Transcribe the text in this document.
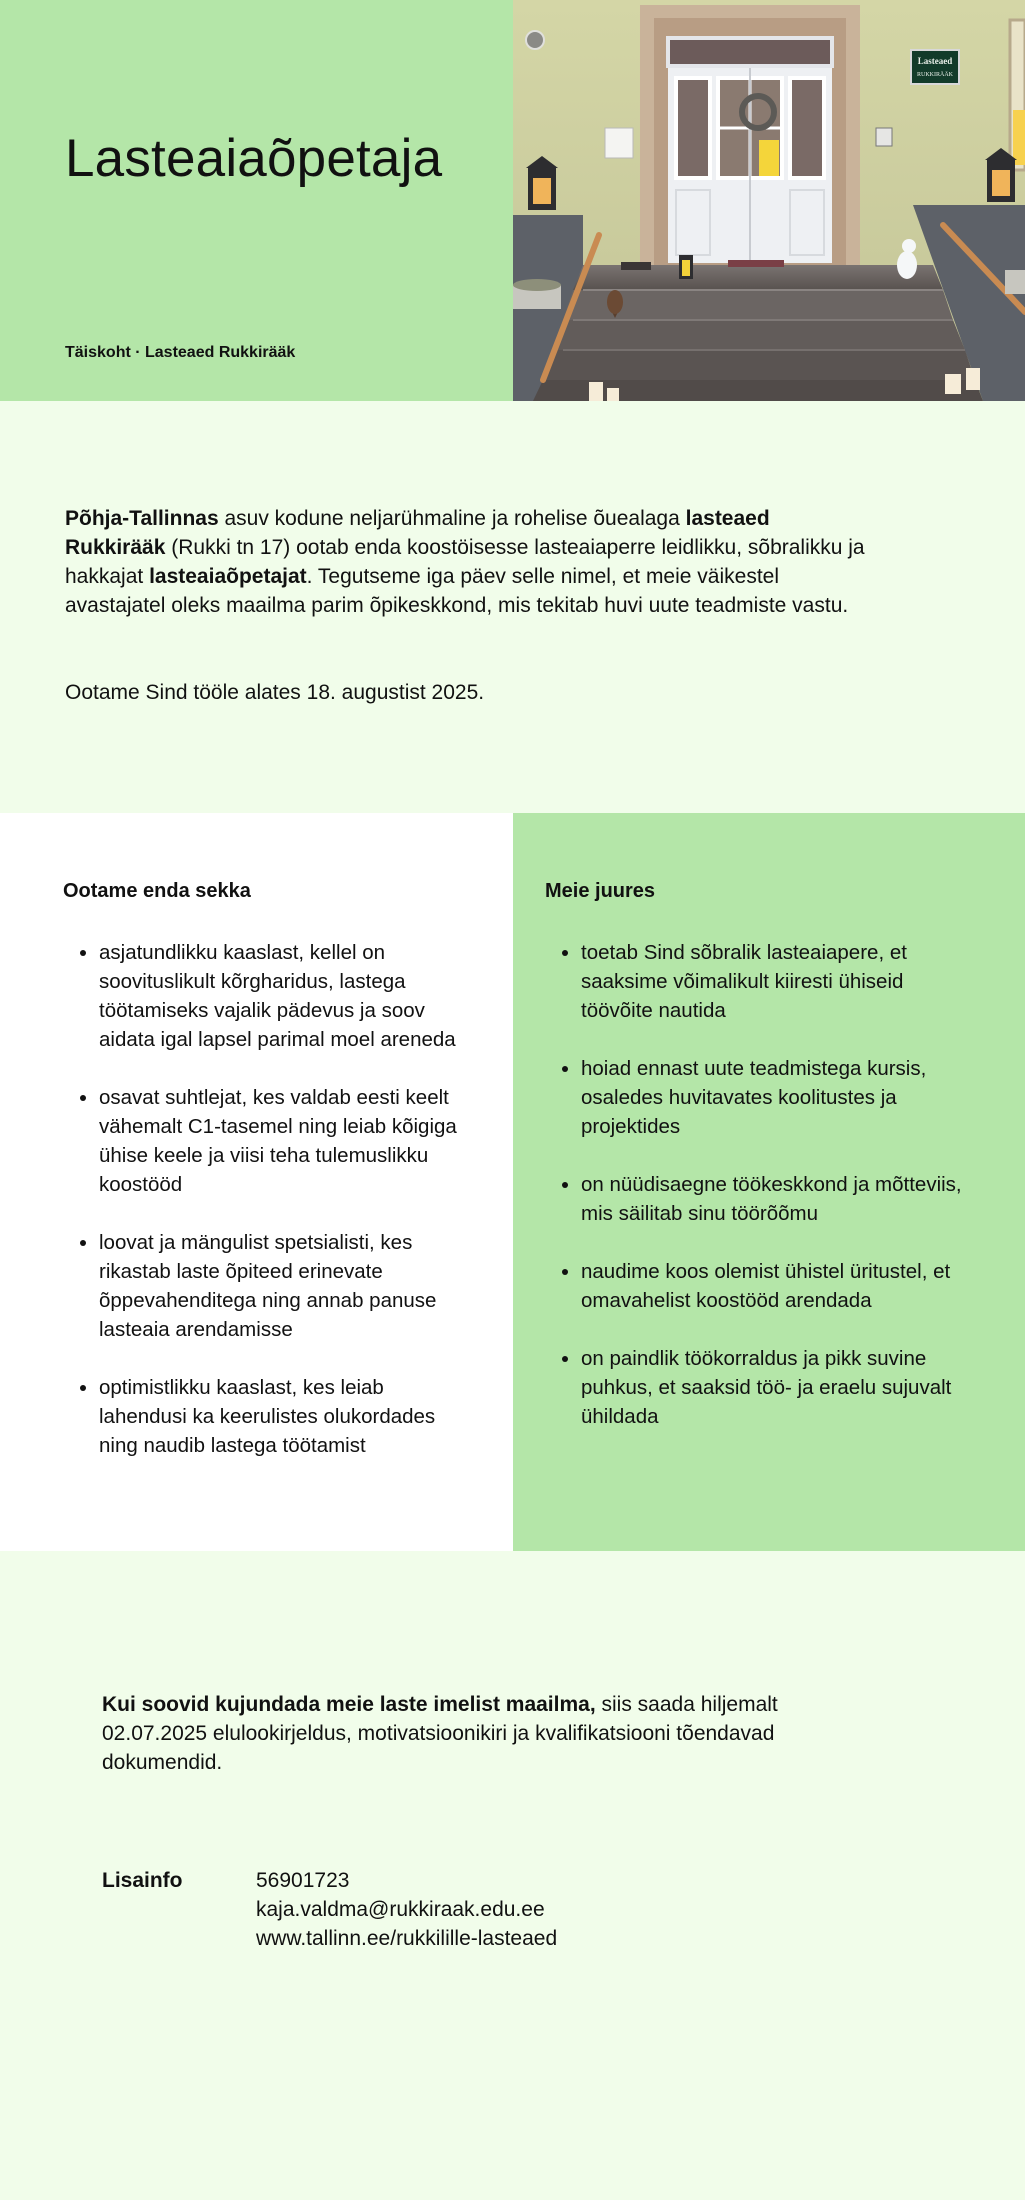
Lasteaiaõpetaja
Täiskoht · Lasteaed Rukkirääk
Lasteaed
RUKKIRÄÄK

Põhja-Tallinnas asuv kodune neljarühmaline ja rohelise õuealaga lasteaed Rukkirääk (Rukki tn 17) ootab enda koostöisesse lasteaiaperre leidlikku, sõbralikku ja hakkajat lasteaiaõpetajat. Tegutseme iga päev selle nimel, et meie väikestel avastajatel oleks maailma parim õpikeskkond, mis tekitab huvi uute teadmiste vastu.

Ootame Sind tööle alates 18. augustist 2025.

Ootame enda sekka
asjatundlikku kaaslast, kellel on soovituslikult kõrgharidus, lastega töötamiseks vajalik pädevus ja soov aidata igal lapsel parimal moel areneda
osavat suhtlejat, kes valdab eesti keelt vähemalt C1-tasemel ning leiab kõigiga ühise keele ja viisi teha tulemuslikku koostööd
loovat ja mängulist spetsialisti, kes rikastab laste õpiteed erinevate õppevahenditega ning annab panuse lasteaia arendamisse
optimistlikku kaaslast, kes leiab lahendusi ka keerulistes olukordades ning naudib lastega töötamist
Meie juures
toetab Sind sõbralik lasteaiapere, et saaksime võimalikult kiiresti ühiseid töövõite nautida
hoiad ennast uute teadmistega kursis, osaledes huvitavates koolitustes ja projektides
on nüüdisaegne töökeskkond ja mõtteviis, mis säilitab sinu töörõõmu
naudime koos olemist ühistel üritustel, et omavahelist koostööd arendada
on paindlik töökorraldus ja pikk suvine puhkus, et saaksid töö- ja eraelu sujuvalt ühildada

Kui soovid kujundada meie laste imelist maailma, siis saada hiljemalt 02.07.2025 elulookirjeldus, motivatsioonikiri ja kvalifikatsiooni tõendavad dokumendid.

Lisainfo	56901723
kaja.valdma@rukkiraak.edu.ee
www.tallinn.ee/rukkilille-lasteaed
